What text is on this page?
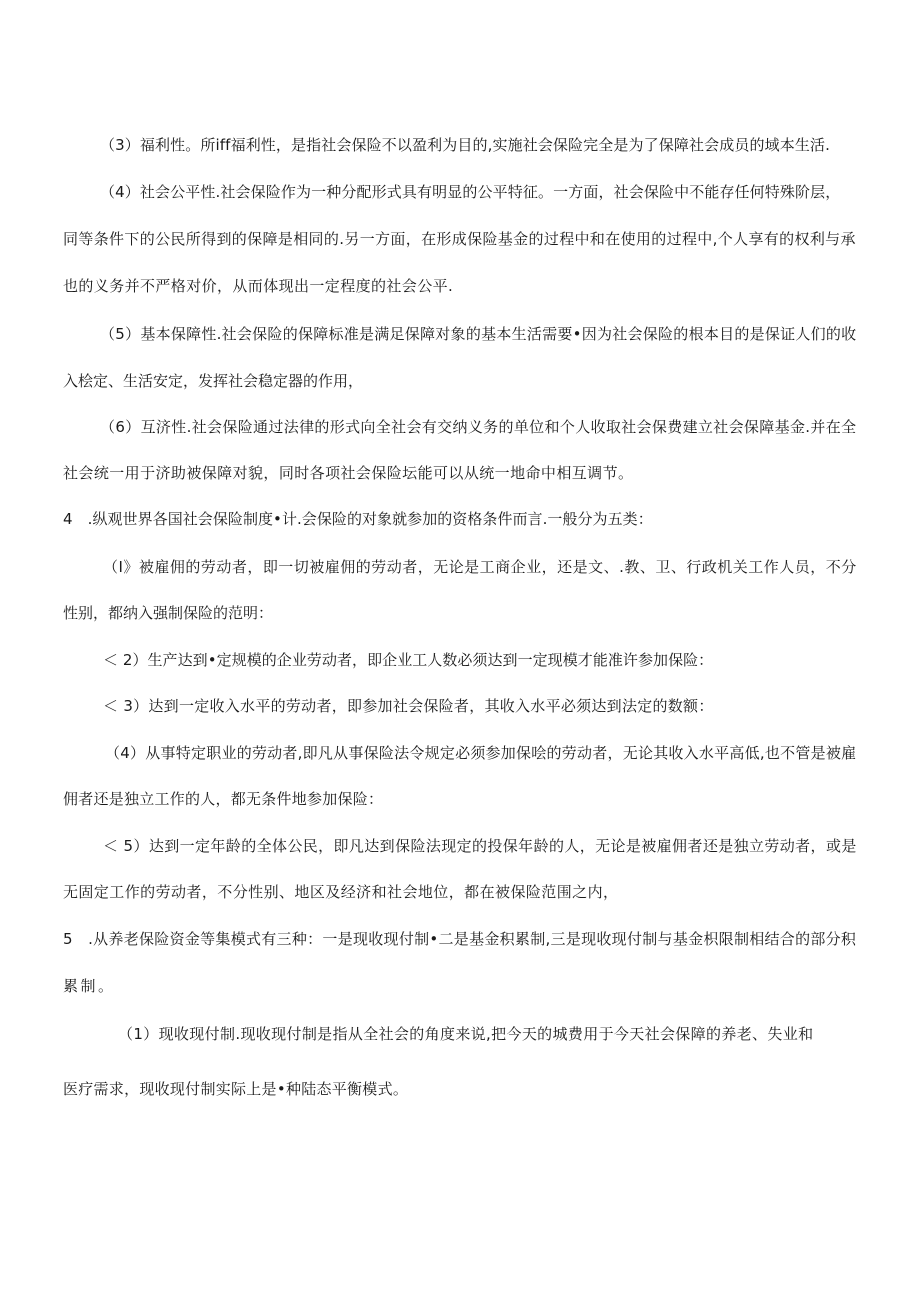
（3）福利性。所iff福利性，是指社会保险不以盈利为目的,实施社会保险完全是为了保障社会成员的域本生活.
（4）社会公平性.社会保险作为一种分配形式具有明显的公平特征。一方面，社会保险中不能存任何特殊阶层，
同等条件下的公民所得到的保障是相同的.另一方面，在形成保险基金的过程中和在使用的过程中,个人享有的权利与承
也的义务并不严格对价，从而体现出一定程度的社会公平.
（5）基本保障性.社会保险的保障标准是满足保障对象的基本生活需要•因为社会保险的根本目的是保证人们的收
入桧定、生活安定，发挥社会稳定器的作用，
（6）互济性.社会保险通过法律的形式向全社会有交纳义务的单位和个人收取社会保费建立社会保障基金.并在全
社会统一用于济助被保障对貌，同时各项社会保险坛能可以从统一地命中相互调节。
4　.纵观世界各国社会保险制度•计.会保险的对象就参加的资格条件而言.一般分为五类：
（I》被雇佣的劳动者，即一切被雇佣的劳动者，无论是工商企业，还是文、.教、卫、行政机关工作人员，不分
性别，都纳入强制保险的范明：
＜ 2）生产达到•定规模的企业劳动者，即企业工人数必须达到一定现模才能准许参加保险：
＜ 3）达到一定收入水平的劳动者，即参加社会保险者，其收入水平必须达到法定的数额：
（4）从事特定职业的劳动者,即凡从事保险法令规定必须参加保哙的劳动者，无论其收入水平高低,也不管是被雇
佣者还是独立工作的人，都无条件地参加保险：
＜ 5）达到一定年龄的全体公民，即凡达到保险法现定的投保年龄的人，无论是被雇佣者还是独立劳动者，或是
无固定工作的劳动者，不分性别、地区及经济和社会地位，都在被保险范围之内，
5　.从养老保险资金等集模式有三种：一是现收现付制•二是基金积累制,三是现收现付制与基金枳限制相结合的部分积
累制。
（1）现收现付制.现收现付制是指从全社会的角度来说,把今天的城费用于今天社会保障的养老、失业和
医疗需求，现收现付制实际上是•种陆态平衡模式。
